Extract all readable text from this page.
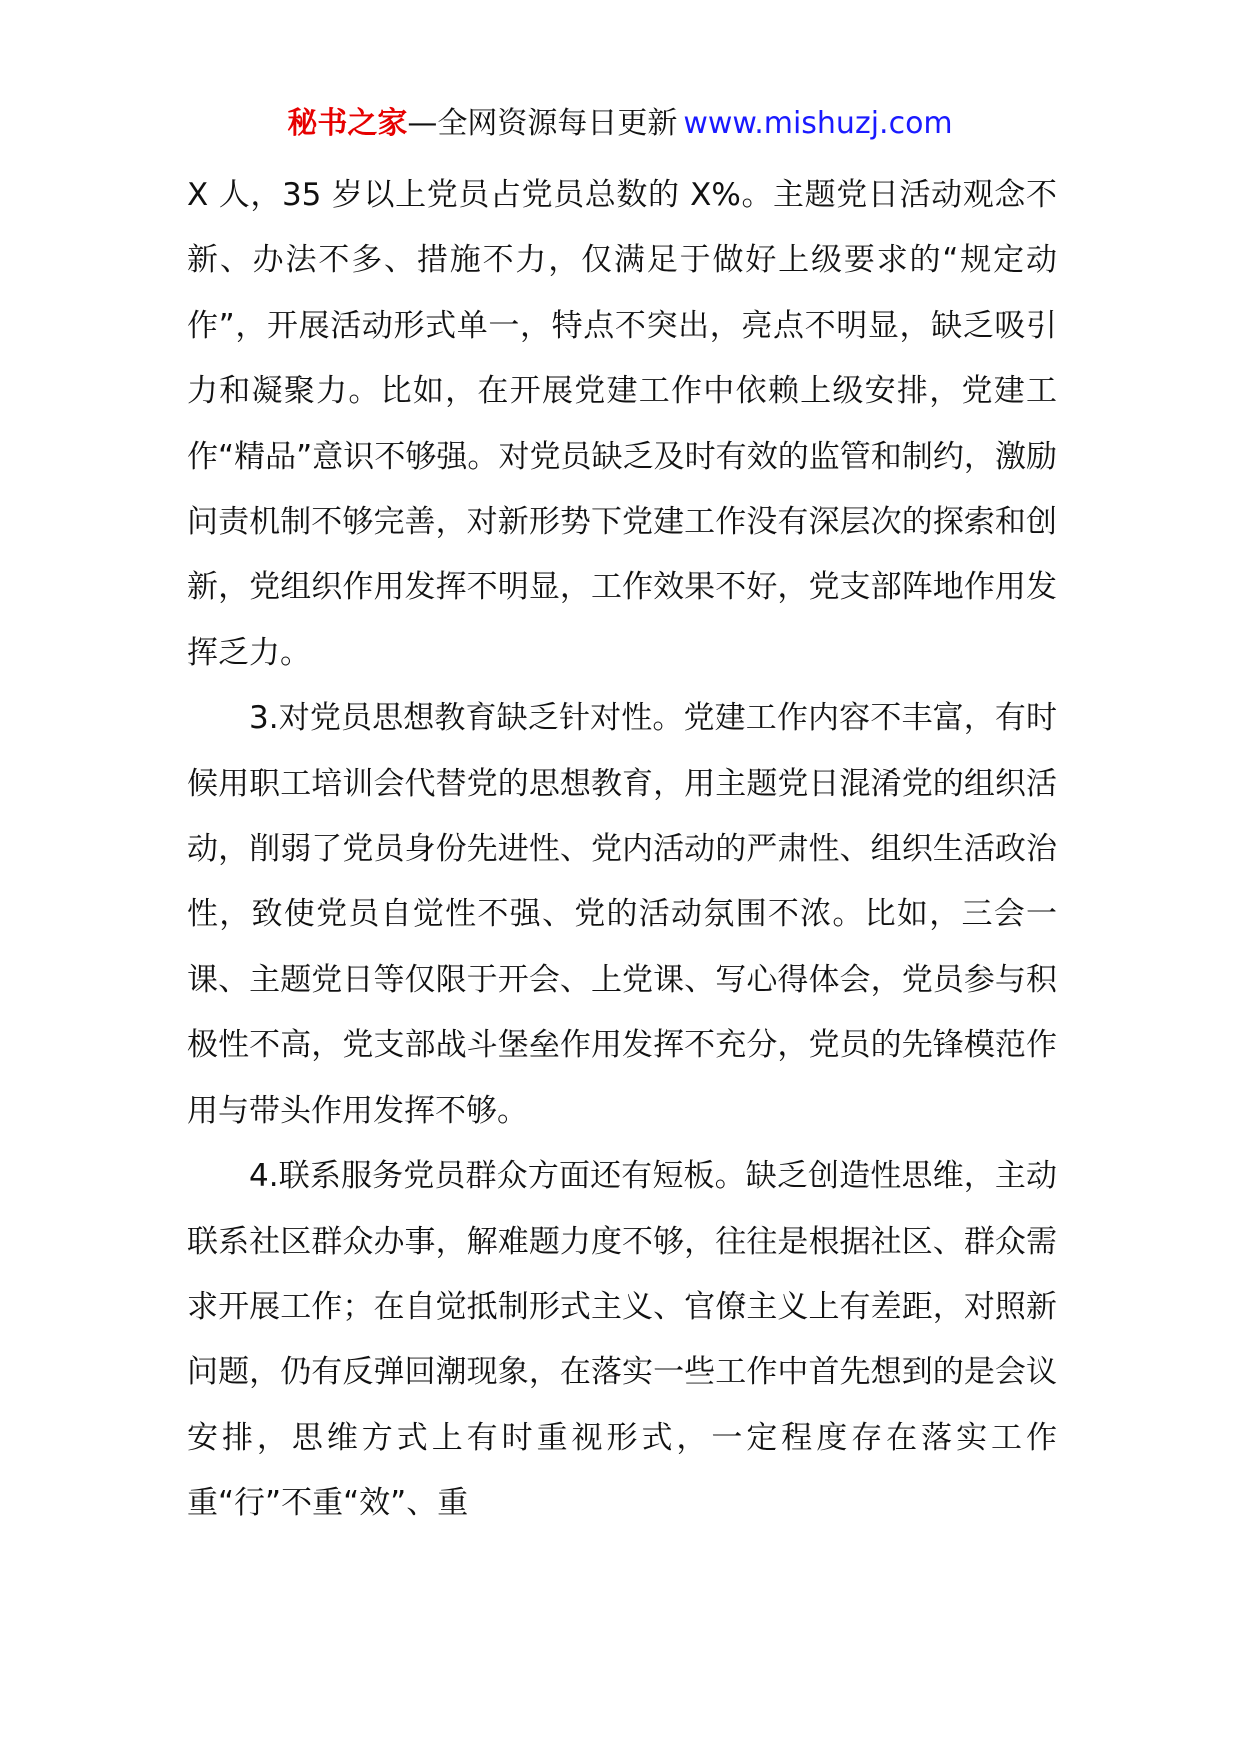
秘书之家—全网资源每日更新 www.mishuzj.com

X 人，35 岁以上党员占党员总数的 X%。主题党日活动观念不新、办法不多、措施不力，仅满足于做好上级要求的“规定动作”，开展活动形式单一，特点不突出，亮点不明显，缺乏吸引力和凝聚力。比如，在开展党建工作中依赖上级安排，党建工作“精品”意识不够强。对党员缺乏及时有效的监管和制约，激励问责机制不够完善，对新形势下党建工作没有深层次的探索和创新，党组织作用发挥不明显，工作效果不好，党支部阵地作用发挥乏力。

3.对党员思想教育缺乏针对性。党建工作内容不丰富，有时候用职工培训会代替党的思想教育，用主题党日混淆党的组织活动，削弱了党员身份先进性、党内活动的严肃性、组织生活政治性，致使党员自觉性不强、党的活动氛围不浓。比如，三会一课、主题党日等仅限于开会、上党课、写心得体会，党员参与积极性不高，党支部战斗堡垒作用发挥不充分，党员的先锋模范作用与带头作用发挥不够。

4.联系服务党员群众方面还有短板。缺乏创造性思维，主动联系社区群众办事，解难题力度不够，往往是根据社区、群众需求开展工作；在自觉抵制形式主义、官僚主义上有差距，对照新问题，仍有反弹回潮现象，在落实一些工作中首先想到的是会议安排，思维方式上有时重视形式，一定程度存在落实工作重“行”不重“效”、重
